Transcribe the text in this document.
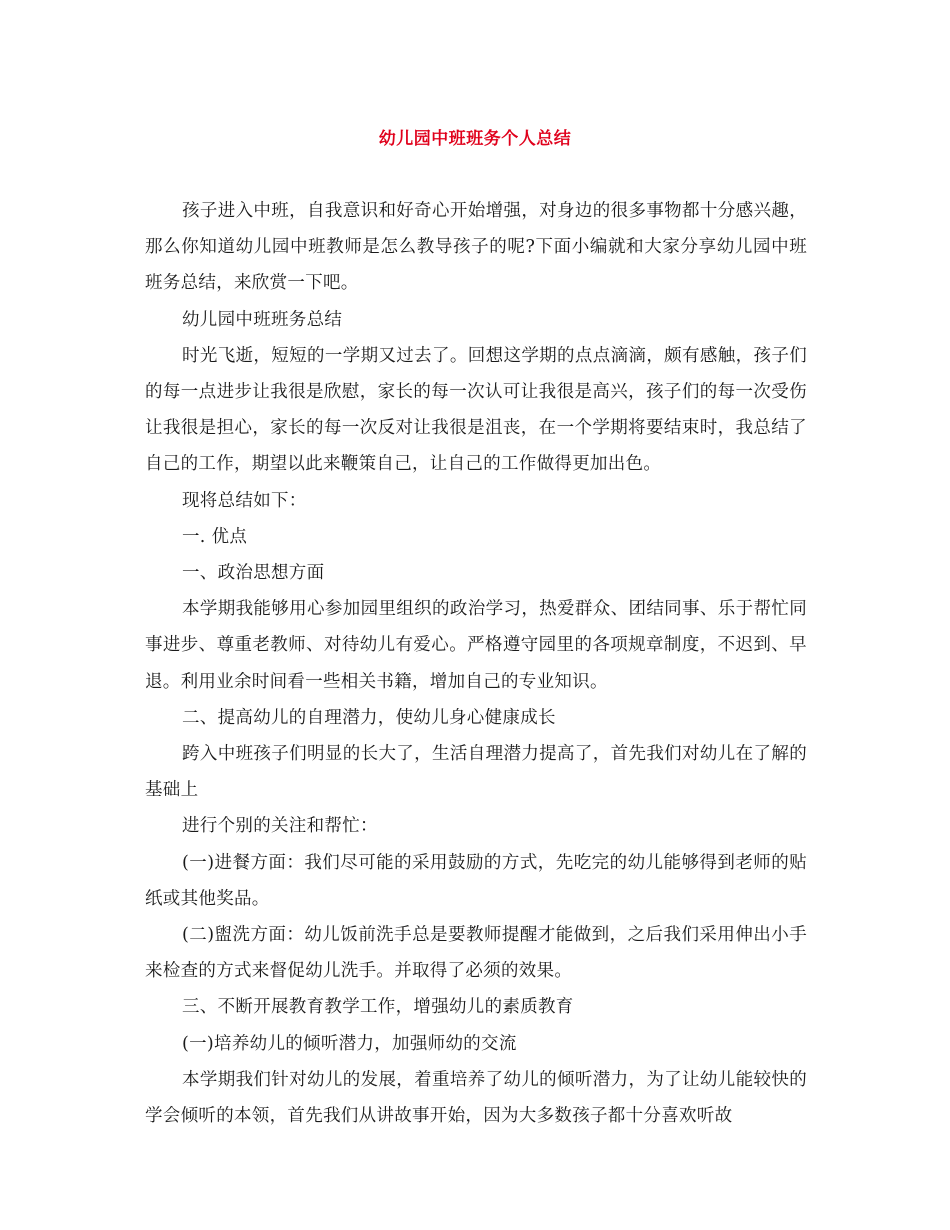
幼儿园中班班务个人总结

孩子进入中班，自我意识和好奇心开始增强，对身边的很多事物都十分感兴趣，那么你知道幼儿园中班教师是怎么教导孩子的呢?下面小编就和大家分享幼儿园中班班务总结，来欣赏一下吧。

幼儿园中班班务总结

时光飞逝，短短的一学期又过去了。回想这学期的点点滴滴，颇有感触，孩子们的每一点进步让我很是欣慰，家长的每一次认可让我很是高兴，孩子们的每一次受伤让我很是担心，家长的每一次反对让我很是沮丧，在一个学期将要结束时，我总结了自己的工作，期望以此来鞭策自己，让自己的工作做得更加出色。

现将总结如下：

一. 优点

一、政治思想方面

本学期我能够用心参加园里组织的政治学习，热爱群众、团结同事、乐于帮忙同事进步、尊重老教师、对待幼儿有爱心。严格遵守园里的各项规章制度，不迟到、早退。利用业余时间看一些相关书籍，增加自己的专业知识。

二、提高幼儿的自理潜力，使幼儿身心健康成长

跨入中班孩子们明显的长大了，生活自理潜力提高了，首先我们对幼儿在了解的基础上

进行个别的关注和帮忙：

(一)进餐方面：我们尽可能的采用鼓励的方式，先吃完的幼儿能够得到老师的贴纸或其他奖品。

(二)盥洗方面：幼儿饭前洗手总是要教师提醒才能做到，之后我们采用伸出小手来检查的方式来督促幼儿洗手。并取得了必须的效果。

三、不断开展教育教学工作，增强幼儿的素质教育

(一)培养幼儿的倾听潜力，加强师幼的交流

本学期我们针对幼儿的发展，着重培养了幼儿的倾听潜力，为了让幼儿能较快的学会倾听的本领，首先我们从讲故事开始，因为大多数孩子都十分喜欢听故
